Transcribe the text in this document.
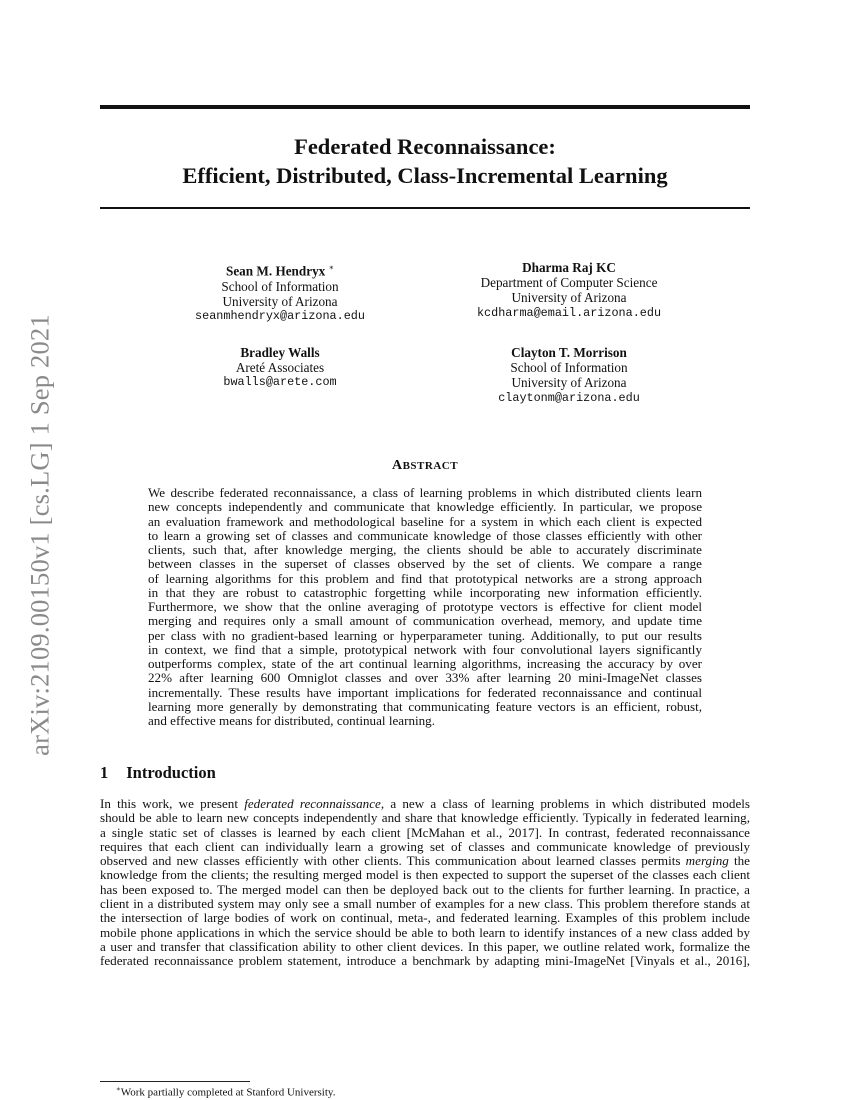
arXiv:2109.00150v1 [cs.LG] 1 Sep 2021
Federated Reconnaissance:
Efficient, Distributed, Class-Incremental Learning
Sean M. Hendryx ∗
School of Information
University of Arizona
seanmhendryx@arizona.edu
Dharma Raj KC
Department of Computer Science
University of Arizona
kcdharma@email.arizona.edu
Bradley Walls
Areté Associates
bwalls@arete.com
Clayton T. Morrison
School of Information
University of Arizona
claytonm@arizona.edu
ABSTRACT
We describe federated reconnaissance, a class of learning problems in which distributed clients learn
new concepts independently and communicate that knowledge efficiently. In particular, we propose
an evaluation framework and methodological baseline for a system in which each client is expected
to learn a growing set of classes and communicate knowledge of those classes efficiently with other
clients, such that, after knowledge merging, the clients should be able to accurately discriminate
between classes in the superset of classes observed by the set of clients. We compare a range
of learning algorithms for this problem and find that prototypical networks are a strong approach
in that they are robust to catastrophic forgetting while incorporating new information efficiently.
Furthermore, we show that the online averaging of prototype vectors is effective for client model
merging and requires only a small amount of communication overhead, memory, and update time
per class with no gradient-based learning or hyperparameter tuning. Additionally, to put our results
in context, we find that a simple, prototypical network with four convolutional layers significantly
outperforms complex, state of the art continual learning algorithms, increasing the accuracy by over
22% after learning 600 Omniglot classes and over 33% after learning 20 mini-ImageNet classes
incrementally. These results have important implications for federated reconnaissance and continual
learning more generally by demonstrating that communicating feature vectors is an efficient, robust,
and effective means for distributed, continual learning.
1 Introduction
In this work, we present federated reconnaissance, a new a class of learning problems in which distributed models
should be able to learn new concepts independently and share that knowledge efficiently. Typically in federated learning,
a single static set of classes is learned by each client [McMahan et al., 2017]. In contrast, federated reconnaissance
requires that each client can individually learn a growing set of classes and communicate knowledge of previously
observed and new classes efficiently with other clients. This communication about learned classes permits merging the
knowledge from the clients; the resulting merged model is then expected to support the superset of the classes each client
has been exposed to. The merged model can then be deployed back out to the clients for further learning. In practice, a
client in a distributed system may only see a small number of examples for a new class. This problem therefore stands at
the intersection of large bodies of work on continual, meta-, and federated learning. Examples of this problem include
mobile phone applications in which the service should be able to both learn to identify instances of a new class added by
a user and transfer that classification ability to other client devices. In this paper, we outline related work, formalize the
federated reconnaissance problem statement, introduce a benchmark by adapting mini-ImageNet [Vinyals et al., 2016],
∗Work partially completed at Stanford University.
